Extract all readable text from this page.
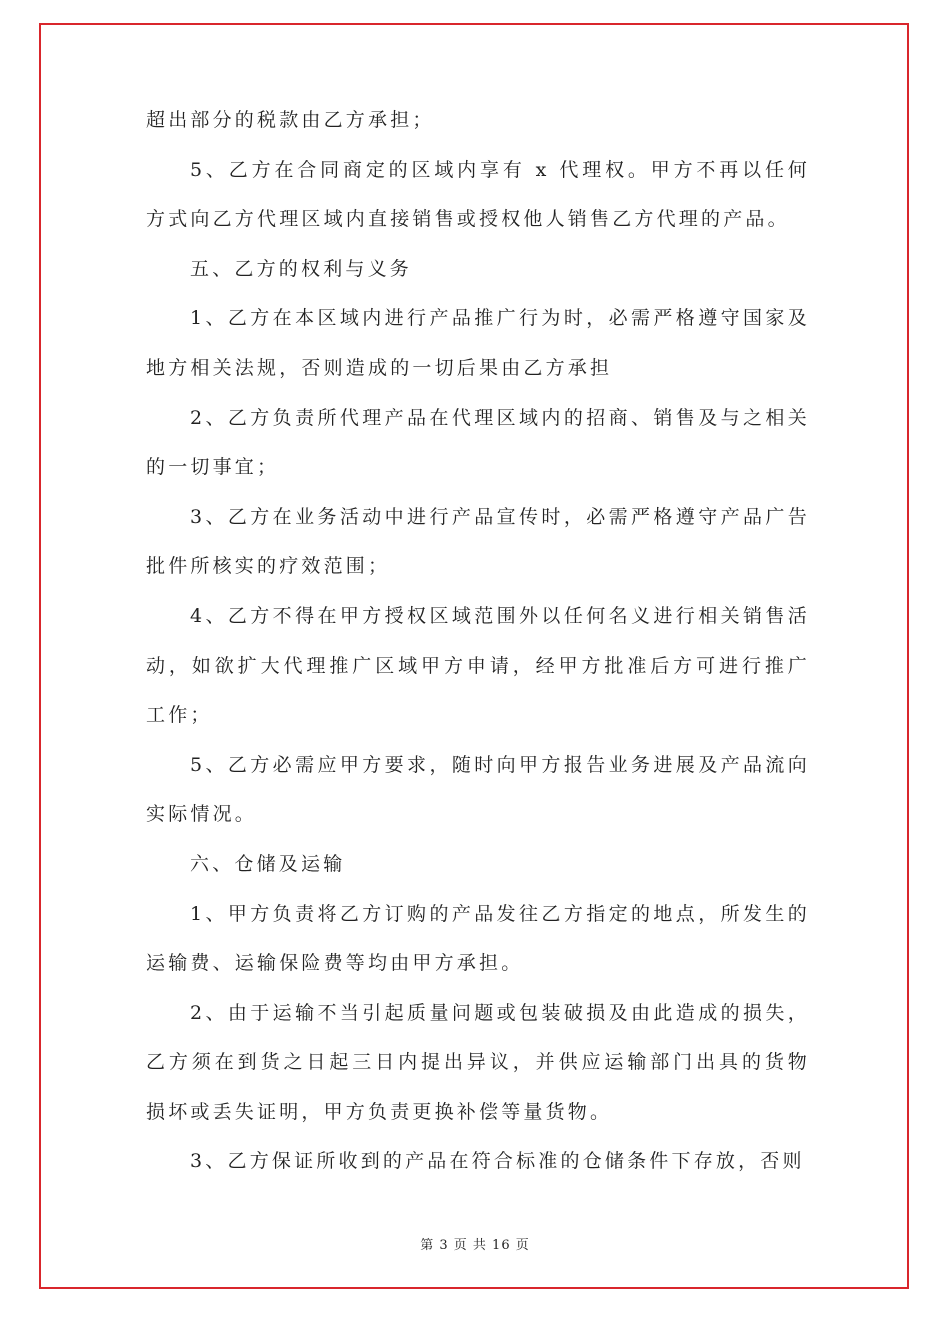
超出部分的税款由乙方承担；

5、乙方在合同商定的区域内享有 x 代理权。甲方不再以任何方式向乙方代理区域内直接销售或授权他人销售乙方代理的产品。

五、乙方的权利与义务

1、乙方在本区域内进行产品推广行为时，必需严格遵守国家及地方相关法规，否则造成的一切后果由乙方承担

2、乙方负责所代理产品在代理区域内的招商、销售及与之相关的一切事宜；

3、乙方在业务活动中进行产品宣传时，必需严格遵守产品广告批件所核实的疗效范围；

4、乙方不得在甲方授权区域范围外以任何名义进行相关销售活动，如欲扩大代理推广区域甲方申请，经甲方批准后方可进行推广工作；

5、乙方必需应甲方要求，随时向甲方报告业务进展及产品流向实际情况。

六、仓储及运输

1、甲方负责将乙方订购的产品发往乙方指定的地点，所发生的运输费、运输保险费等均由甲方承担。

2、由于运输不当引起质量问题或包装破损及由此造成的损失，乙方须在到货之日起三日内提出异议，并供应运输部门出具的货物损坏或丢失证明，甲方负责更换补偿等量货物。

3、乙方保证所收到的产品在符合标准的仓储条件下存放，否则

第 3 页 共 16 页
